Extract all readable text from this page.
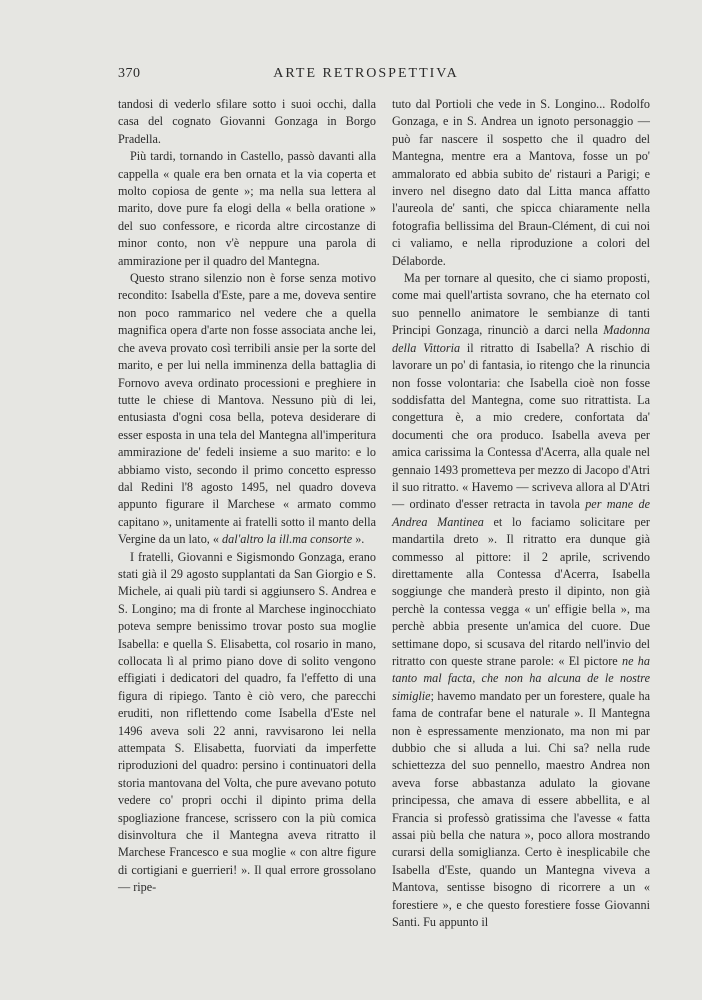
370	ARTE RETROSPETTIVA

tandosi di vederlo sfilare sotto i suoi occhi, dalla casa del cognato Giovanni Gonzaga in Borgo Pradella.

Più tardi, tornando in Castello, passò davanti alla cappella « quale era ben ornata et la via coperta et molto copiosa de gente »; ma nella sua lettera al marito, dove pure fa elogi della « bella oratione » del suo confessore, e ricorda altre circostanze di minor conto, non v'è neppure una parola di ammirazione per il quadro del Mantegna.

Questo strano silenzio non è forse senza motivo recondito: Isabella d'Este, pare a me, doveva sentire non poco rammarico nel vedere che a quella magnifica opera d'arte non fosse associata anche lei, che aveva provato così terribili ansie per la sorte del marito, e per lui nella imminenza della battaglia di Fornovo aveva ordinato processioni e preghiere in tutte le chiese di Mantova. Nessuno più di lei, entusiasta d'ogni cosa bella, poteva desiderare di esser esposta in una tela del Mantegna all'imperitura ammirazione de' fedeli insieme a suo marito: e lo abbiamo visto, secondo il primo concetto espresso dal Redini l'8 agosto 1495, nel quadro doveva appunto figurare il Marchese « armato commo capitano », unitamente ai fratelli sotto il manto della Vergine da un lato, « dal'altro la ill.ma consorte ».

I fratelli, Giovanni e Sigismondo Gonzaga, erano stati già il 29 agosto supplantati da San Giorgio e S. Michele, ai quali più tardi si aggiunsero S. Andrea e S. Longino; ma di fronte al Marchese inginocchiato poteva sempre benissimo trovar posto sua moglie Isabella: e quella S. Elisabetta, col rosario in mano, collocata lì al primo piano dove di solito vengono effigiati i dedicatori del quadro, fa l'effetto di una figura di ripiego. Tanto è ciò vero, che parecchi eruditi, non riflettendo come Isabella d'Este nel 1496 aveva soli 22 anni, ravvisarono lei nella attempata S. Elisabetta, fuorviati da imperfette riproduzioni del quadro: persino i continuatori della storia mantovana del Volta, che pure avevano potuto vedere co' propri occhi il dipinto prima della spogliazione francese, scrissero con la più comica disinvoltura che il Mantegna aveva ritratto il Marchese Francesco e sua moglie « con altre figure di cortigiani e guerrieri! ». Il qual errore grossolano — ripe-

tuto dal Portioli che vede in S. Longino... Rodolfo Gonzaga, e in S. Andrea un ignoto personaggio — può far nascere il sospetto che il quadro del Mantegna, mentre era a Mantova, fosse un po' ammalorato ed abbia subito de' ristauri a Parigi; e invero nel disegno dato dal Litta manca affatto l'aureola de' santi, che spicca chiaramente nella fotografia bellissima del Braun-Clément, di cui noi ci valiamo, e nella riproduzione a colori del Délaborde.

Ma per tornare al quesito, che ci siamo proposti, come mai quell'artista sovrano, che ha eternato col suo pennello animatore le sembianze di tanti Principi Gonzaga, rinunciò a darci nella Madonna della Vittoria il ritratto di Isabella? A rischio di lavorare un po' di fantasia, io ritengo che la rinuncia non fosse volontaria: che Isabella cioè non fosse soddisfatta del Mantegna, come suo ritrattista. La congettura è, a mio credere, confortata da' documenti che ora produco. Isabella aveva per amica carissima la Contessa d'Acerra, alla quale nel gennaio 1493 prometteva per mezzo di Jacopo d'Atri il suo ritratto. « Havemo — scriveva allora al D'Atri — ordinato d'esser retracta in tavola per mane de Andrea Mantinea et lo faciamo solicitare per mandartila dreto ». Il ritratto era dunque già commesso al pittore: il 2 aprile, scrivendo direttamente alla Contessa d'Acerra, Isabella soggiunge che manderà presto il dipinto, non già perchè la contessa vegga « un' effigie bella », ma perchè abbia presente un'amica del cuore. Due settimane dopo, si scusava del ritardo nell'invio del ritratto con queste strane parole: « El pictore ne ha tanto mal facta, che non ha alcuna de le nostre simiglie; havemo mandato per un forestere, quale ha fama de contrafar bene el naturale ». Il Mantegna non è espressamente menzionato, ma non mi par dubbio che si alluda a lui. Chi sa? nella rude schiettezza del suo pennello, maestro Andrea non aveva forse abbastanza adulato la giovane principessa, che amava di essere abbellita, e al Francia si professò gratissima che l'avesse « fatta assai più bella che natura », poco allora mostrando curarsi della somiglianza. Certo è inesplicabile che Isabella d'Este, quando un Mantegna viveva a Mantova, sentisse bisogno di ricorrere a un « forestiere », e che questo forestiere fosse Giovanni Santi. Fu appunto il
